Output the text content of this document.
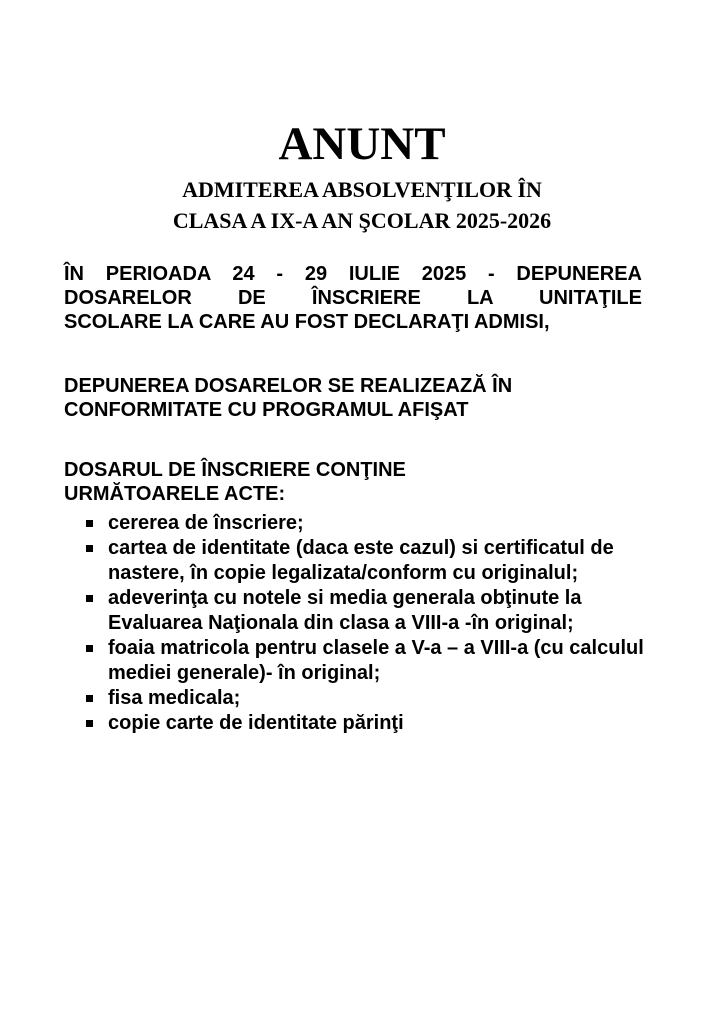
ANUNT
ADMITEREA ABSOLVENŢILOR ÎN
CLASA A IX-A AN ŞCOLAR 2025-2026
ÎN PERIOADA 24 - 29 IULIE 2025 - DEPUNEREA
DOSARELOR DE ÎNSCRIERE LA UNITAŢILE
SCOLARE LA CARE AU FOST DECLARAŢI ADMISI,
DEPUNEREA DOSARELOR SE REALIZEAZĂ ÎN
CONFORMITATE CU PROGRAMUL AFIŞAT
DOSARUL DE ÎNSCRIERE CONŢINE
URMĂTOARELE ACTE:
cererea de înscriere;
cartea de identitate (daca este cazul) si certificatul de nastere, în copie legalizata/conform cu originalul;
adeverinţa cu notele si media generala obţinute la Evaluarea Naţionala din clasa a VIII-a -în original;
foaia matricola pentru clasele a V-a – a VIII-a (cu calculul mediei generale)- în original;
fisa medicala;
copie carte de identitate părinţi
